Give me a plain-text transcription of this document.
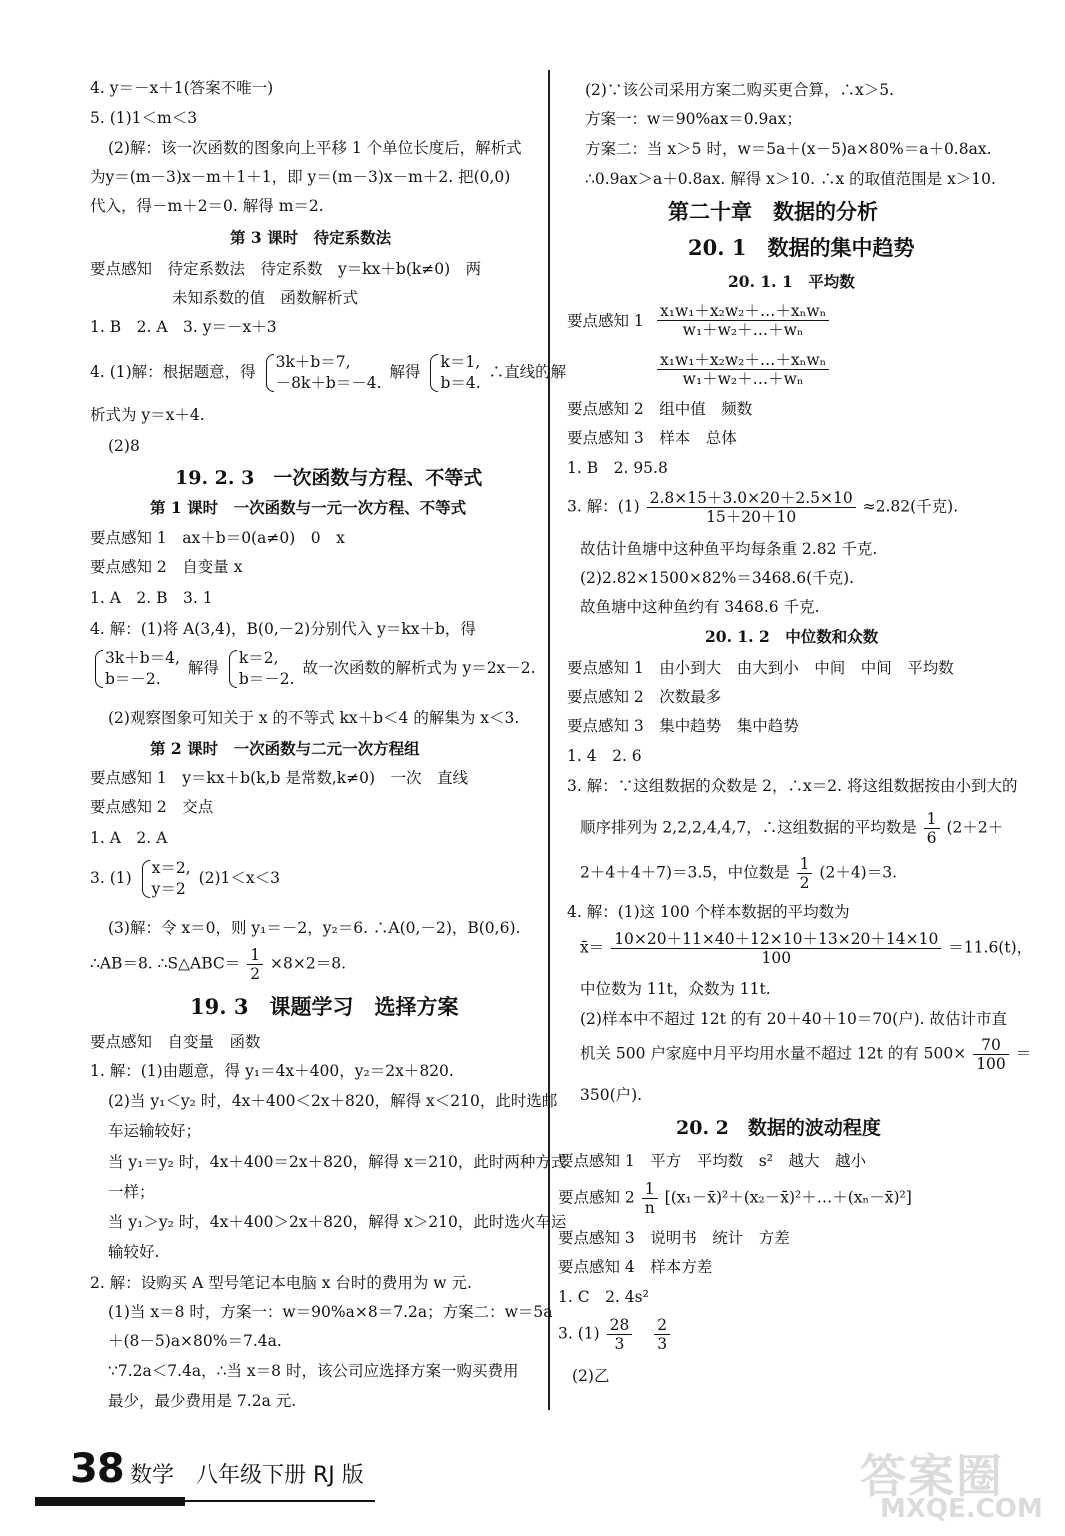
4. y＝－x＋1(答案不唯一)
5. (1)1＜m＜3
(2)解：该一次函数的图象向上平移 1 个单位长度后，解析式
为y＝(m－3)x－m＋1＋1，即 y＝(m－3)x－m＋2. 把(0,0)
代入，得－m＋2＝0. 解得 m＝2.
第 3 课时　待定系数法
要点感知　待定系数法　待定系数　y＝kx＋b(k≠0)　两
未知系数的值　函数解析式
1. B　2. A　3. y＝－x＋3
4. (1)解：根据题意，得
3k＋b＝7,
－8k＋b＝－4.
解得
k＝1,
b＝4.
∴直线的解
析式为 y＝x＋4.
(2)8
19. 2. 3　一次函数与方程、不等式
第 1 课时　一次函数与一元一次方程、不等式
要点感知 1　ax＋b＝0(a≠0)　0　x
要点感知 2　自变量 x
1. A　2. B　3. 1
4. 解：(1)将 A(3,4)，B(0,－2)分别代入 y＝kx＋b，得
3k＋b＝4,
b＝－2.
解得
k＝2,
b＝－2.
故一次函数的解析式为 y＝2x－2.
(2)观察图象可知关于 x 的不等式 kx＋b＜4 的解集为 x＜3.
第 2 课时　一次函数与二元一次方程组
要点感知 1　y＝kx＋b(k,b 是常数,k≠0)　一次　直线
要点感知 2　交点
1. A　2. A
3. (1)
x＝2,
y＝2
(2)1＜x＜3
(3)解：令 x＝0，则 y₁＝－2，y₂＝6. ∴A(0,－2)，B(0,6).
∴AB＝8. ∴S△ABC＝ $\frac{1}{2} \times 8\times 2=8$.
19. 3　课题学习　选择方案
要点感知　自变量　函数
1. 解：(1)由题意，得 y₁＝4x＋400，y₂＝2x＋820.
(2)当 y₁＜y₂ 时，4x＋400＜2x＋820，解得 x＜210，此时选邮
车运输较好；
当 y₁＝y₂ 时，4x＋400＝2x＋820，解得 x＝210，此时两种方式
一样；
当 y₁＞y₂ 时，4x＋400＞2x＋820，解得 x＞210，此时选火车运
输较好.
2. 解：设购买 A 型号笔记本电脑 x 台时的费用为 w 元.
(1)当 x＝8 时，方案一：w＝90%a×8＝7.2a；方案二：w＝5a
＋(8－5)a×80%＝7.4a.
∵7.2a＜7.4a，∴当 x＝8 时，该公司应选择方案一购买费用
最少，最少费用是 7.2a 元.
(2)∵该公司采用方案二购买更合算，∴x＞5.
方案一：w＝90%ax＝0.9ax；
方案二：当 x＞5 时，w＝5a＋(x－5)a×80%＝a＋0.8ax.
∴0.9ax＞a＋0.8ax. 解得 x＞10. ∴x 的取值范围是 x＞10.
第二十章　数据的分析
20. 1　数据的集中趋势
20. 1. 1　平均数
要点感知 $1 \frac{\text{x₁w₁＋x₂w₂＋…＋xₙwₙ}}{\text{w₁＋w₂＋…＋wₙ}}$
$\frac{\text{x₁w₁＋x₂w₂＋…＋xₙwₙ}}{\text{w₁＋w₂＋…＋wₙ}}$
要点感知 2　组中值　频数
要点感知 3　样本　总体
1. B　2. 95.8
3. 解：$(1) \frac{2.8\times 15+3.0\times 20+2.5\times 10}{15+20+10} \approx 2.82$(千克).
故估计鱼塘中这种鱼平均每条重 2.82 千克.
(2)2.82×1500×82%＝3468.6(千克).
故鱼塘中这种鱼约有 3468.6 千克.
20. 1. 2　中位数和众数
要点感知 1　由小到大　由大到小　中间　中间　平均数
要点感知 2　次数最多
要点感知 3　集中趋势　集中趋势
1. 4　2. 6
3. 解：∵这组数据的众数是 2，∴x＝2. 将这组数据按由小到大的
顺序排列为 2,2,2,4,4,7，∴这组数据的平均数是 $\frac{1}{6} (2+2+$
2＋4＋4＋7)＝3.5，中位数是 $\frac{1}{2} (2+4)=3$.
4. 解：(1)这 100 个样本数据的平均数为
x̄＝ $\frac{10\times 20+11\times 40+12\times 10+13\times 20+14\times 10}{100} =11.6(t)$，
中位数为 11t，众数为 11t.
(2)样本中不超过 12t 的有 20＋40＋10＝70(户). 故估计市直
机关 500 户家庭中月平均用水量不超过 12t 的有 $500\times \frac{70}{100}$ ＝
350(户).
20. 2　数据的波动程度
要点感知 1　平方　平均数　s²　越大　越小
要点感知 $2 \frac{1}{n}$ [(x₁－x̄)²＋(x₂－x̄)²＋…＋(xₙ－x̄)²]
要点感知 3　说明书　统计　方差
要点感知 4　样本方差
1. C　2. 4s²
3. $(1) \frac{28}{3}$
$\frac{2}{3}$
(2)乙
38 数学　八年级下册 RJ 版	答案圈
MXQE.COM
